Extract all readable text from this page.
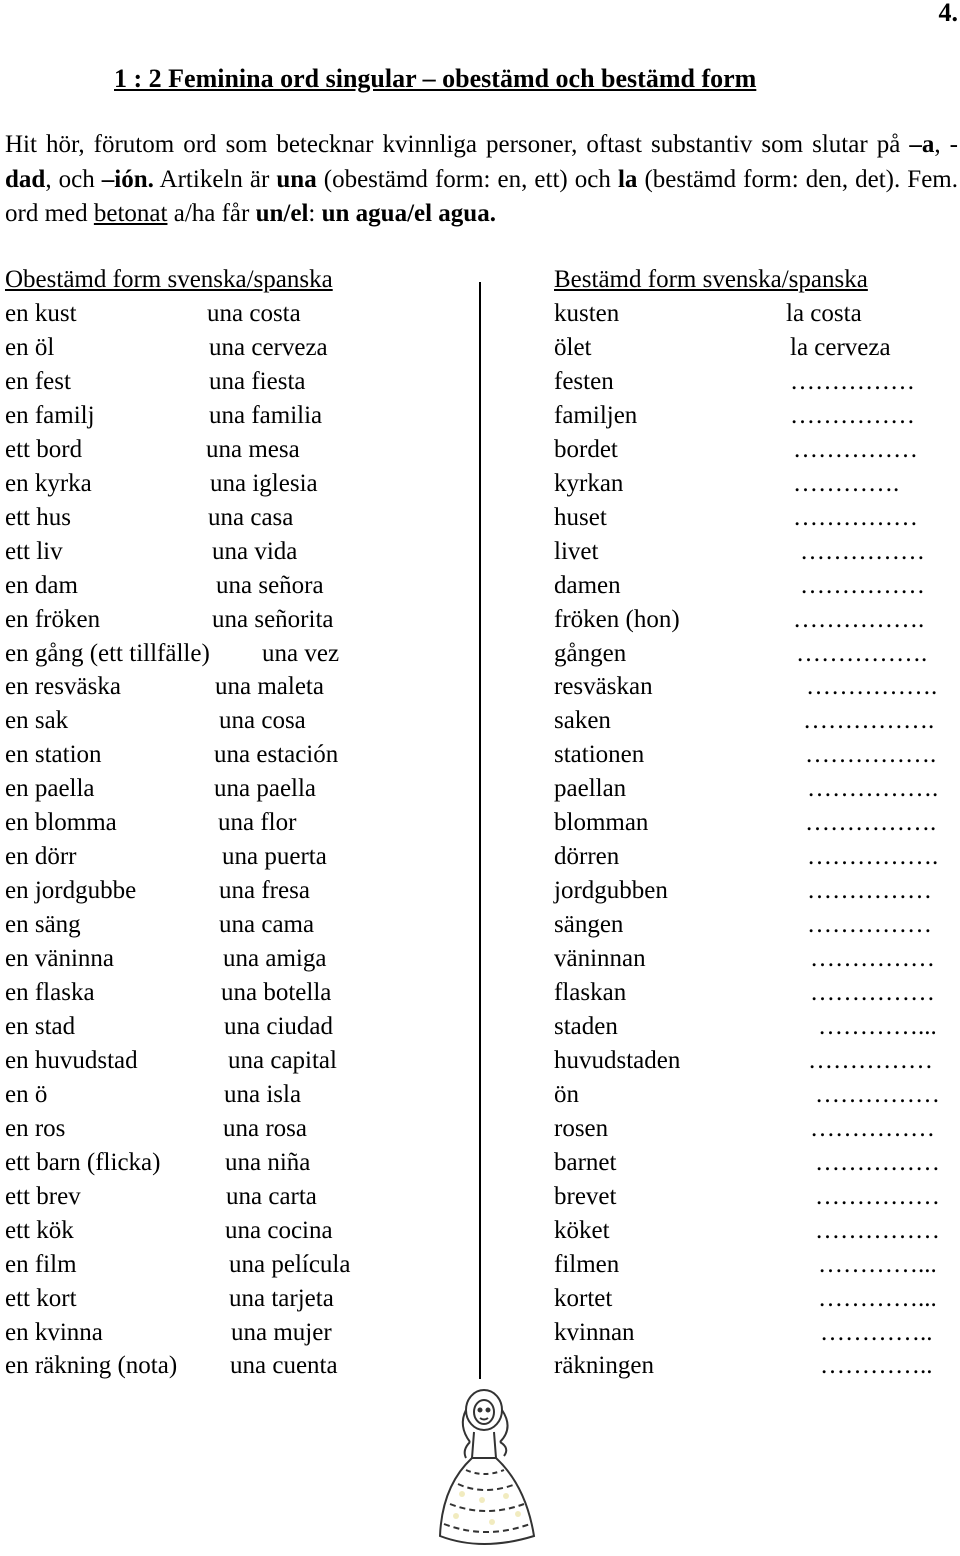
4.
1 : 2 Feminina ord singular – obestämd och bestämd form
Hit hör, förutom ord som betecknar kvinnliga personer, oftast substantiv som slutar på –a, -dad, och –ión. Artikeln är una (obestämd form: en, ett) och la (bestämd form: den, det). Fem. ord med betonat a/ha får un/el: un agua/el agua.
Obestämd form svenska/spanska	Bestämd form svenska/spanska
en kust	una costa	kusten	la costa
en öl	una cerveza	ölet	la cerveza
en fest	una fiesta	festen	……………
en familj	una familia	familjen	……………
ett bord	una mesa	bordet	……………
en kyrka	una iglesia	kyrkan	………….
ett hus	una casa	huset	……………
ett liv	una vida	livet	……………
en dam	una señora	damen	……………
en fröken	una señorita	fröken (hon)	…………….
en gång (ett tillfälle) una vez	gången	…………….
en resväska	una maleta	resväskan	…………….
en sak	una cosa	saken	…………….
en station	una estación	stationen	…………….
en paella	una paella	paellan	…………….
en blomma	una flor	blomman	…………….
en dörr	una puerta	dörren	…………….
en jordgubbe	una fresa	jordgubben	……………
en säng	una cama	sängen	……………
en väninna	una amiga	väninnan	……………
en flaska	una botella	flaskan	……………
en stad	una ciudad	staden	…………...
en huvudstad	una capital	huvudstaden	……………
en ö	una isla	ön	……………
en ros	una rosa	rosen	……………
ett barn (flicka)	una niña	barnet	……………
ett brev	una carta	brevet	……………
ett kök	una cocina	köket	……………
en film	una película	filmen	…………...
ett kort	una tarjeta	kortet	…………...
en kvinna	una mujer	kvinnan	…………..
en räkning (nota) una cuenta	räkningen	…………..
